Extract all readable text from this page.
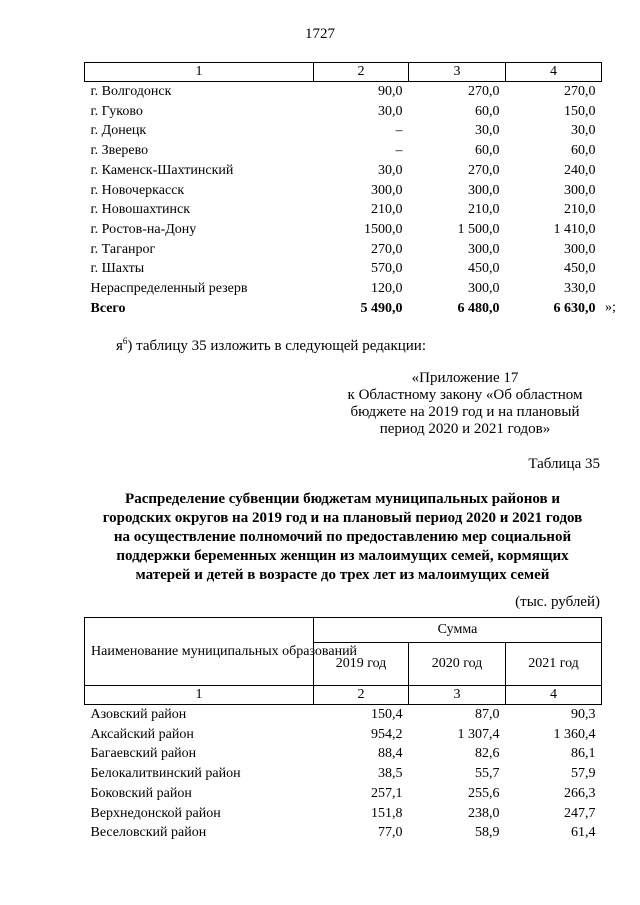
1727
1	2	3	4
г. Волгодонск	90,0	270,0	270,0
г. Гуково	30,0	60,0	150,0
г. Донецк	–	30,0	30,0
г. Зверево	–	60,0	60,0
г. Каменск-Шахтинский	30,0	270,0	240,0
г. Новочеркасск	300,0	300,0	300,0
г. Новошахтинск	210,0	210,0	210,0
г. Ростов-на-Дону	1500,0	1 500,0	1 410,0
г. Таганрог	270,0	300,0	300,0
г. Шахты	570,0	450,0	450,0
Нераспределенный резерв	120,0	300,0	330,0
Всего	5 490,0	6 480,0	6 630,0 »;
$я^6$) таблицу 35 изложить в следующей редакции:
«Приложение 17
к Областному закону «Об областном
бюджете на 2019 год и на плановый
период 2020 и 2021 годов»
Таблица 35
Распределение субвенции бюджетам муниципальных районов и
городских округов на 2019 год и на плановый период 2020 и 2021 годов
на осуществление полномочий по предоставлению мер социальной
поддержки беременных женщин из малоимущих семей, кормящих
матерей и детей в возрасте до трех лет из малоимущих семей
(тыс. рублей)
Наименование муниципальных образований	Сумма		
	2019 год	2020 год	2021 год
1	2	3	4
Азовский район	150,4	87,0	90,3
Аксайский район	954,2	1 307,4	1 360,4
Багаевский район	88,4	82,6	86,1
Белокалитвинский район	38,5	55,7	57,9
Боковский район	257,1	255,6	266,3
Верхнедонской район	151,8	238,0	247,7
Веселовский район	77,0	58,9	61,4
